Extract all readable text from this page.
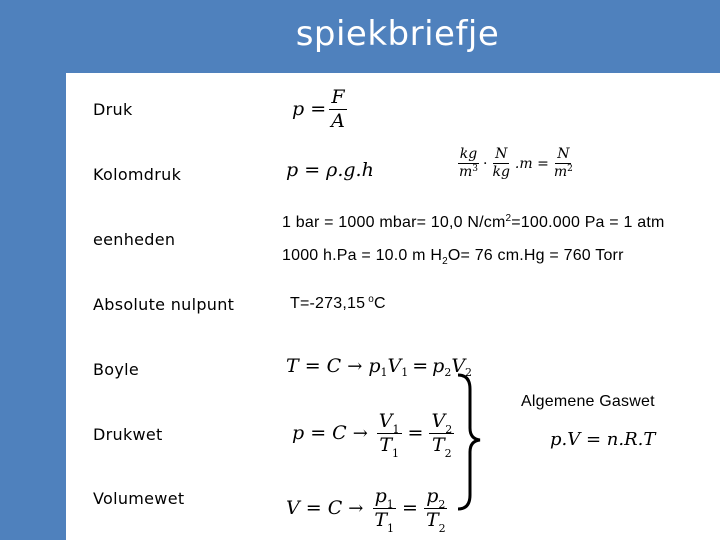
spiekbriefje
Druk
Kolomdruk
eenheden
Absolute nulpunt
Boyle
Drukwet
Volumewet
$p = \frac{F}{A}$
p = ρ.g.h	$\frac{kg}{m^3} \cdot \frac{N}{kg} .m = \frac{N}{m^2}$
1 bar = 1000 mbar= 10,0 $N/cm^2=100.000$ Pa = 1 atm
1000 h.Pa = 10.0 m $H_2O= 76$ cm.Hg = 760 Torr
T=-273,15 $^o$C
T = C → p 1 V 1 = p 2 V 2
$p = C \to \frac{V_1}{T_1} = \frac{V_2}{T_2}$
$V = C \to \frac{p_1}{T_1} = \frac{p_2}{T_2}$
Algemene Gaswet
p.V = n.R.T
